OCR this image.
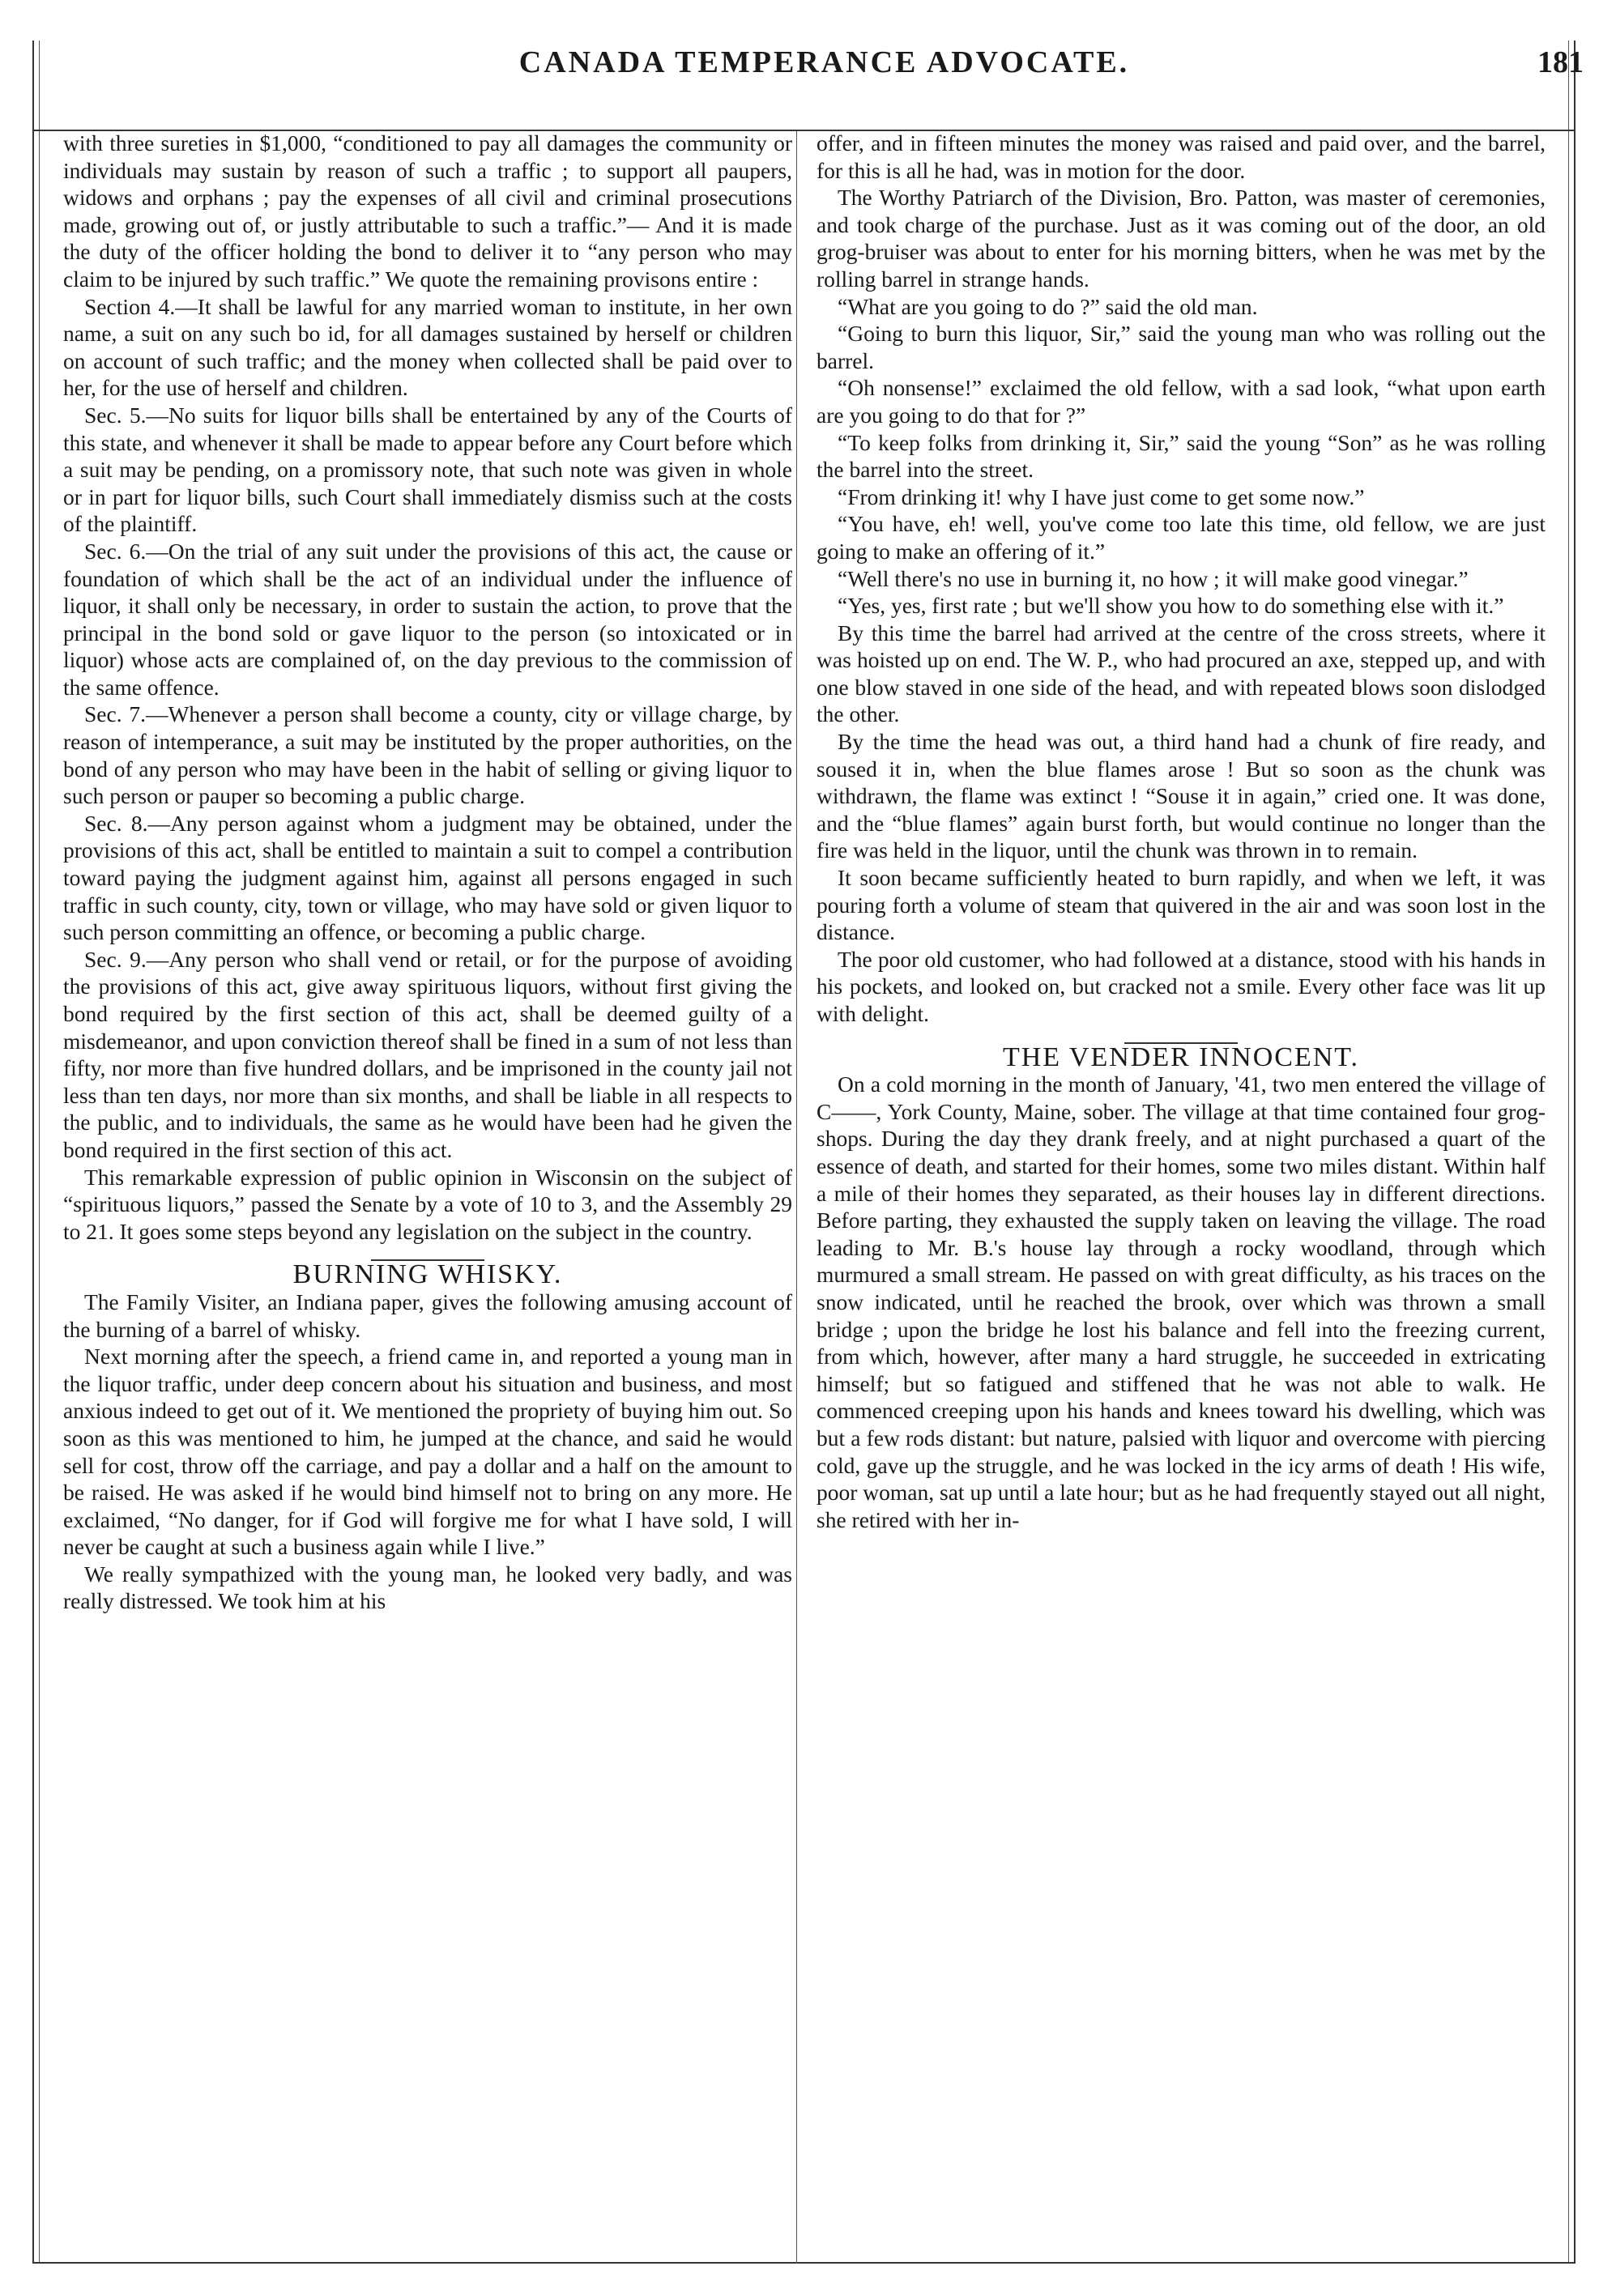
CANADA TEMPERANCE ADVOCATE.	181

with three sureties in $1,000, “conditioned to pay all damages the community or individuals may sustain by reason of such a traffic ; to support all paupers, widows and orphans ; pay the expenses of all civil and criminal prosecutions made, growing out of, or justly attributable to such a traffic.”— And it is made the duty of the officer holding the bond to deliver it to “any person who may claim to be injured by such traffic.” We quote the remaining provisons entire :

Section 4.—It shall be lawful for any married woman to institute, in her own name, a suit on any such bo id, for all damages sustained by herself or children on account of such traffic; and the money when collected shall be paid over to her, for the use of herself and children.

Sec. 5.—No suits for liquor bills shall be entertained by any of the Courts of this state, and whenever it shall be made to appear before any Court before which a suit may be pending, on a promissory note, that such note was given in whole or in part for liquor bills, such Court shall immediately dismiss such at the costs of the plaintiff.

Sec. 6.—On the trial of any suit under the provisions of this act, the cause or foundation of which shall be the act of an individual under the influence of liquor, it shall only be necessary, in order to sustain the action, to prove that the principal in the bond sold or gave liquor to the person (so intoxicated or in liquor) whose acts are complained of, on the day previous to the commission of the same offence.

Sec. 7.—Whenever a person shall become a county, city or village charge, by reason of intemperance, a suit may be instituted by the proper authorities, on the bond of any person who may have been in the habit of selling or giving liquor to such person or pauper so becoming a public charge.

Sec. 8.—Any person against whom a judgment may be obtained, under the provisions of this act, shall be entitled to maintain a suit to compel a contribution toward paying the judgment against him, against all persons engaged in such traffic in such county, city, town or village, who may have sold or given liquor to such person committing an offence, or becoming a public charge.

Sec. 9.—Any person who shall vend or retail, or for the purpose of avoiding the provisions of this act, give away spirituous liquors, without first giving the bond required by the first section of this act, shall be deemed guilty of a misdemeanor, and upon conviction thereof shall be fined in a sum of not less than fifty, nor more than five hundred dollars, and be imprisoned in the county jail not less than ten days, nor more than six months, and shall be liable in all respects to the public, and to individuals, the same as he would have been had he given the bond required in the first section of this act.

This remarkable expression of public opinion in Wisconsin on the subject of “spirituous liquors,” passed the Senate by a vote of 10 to 3, and the Assembly 29 to 21. It goes some steps beyond any legislation on the subject in the country.

BURNING WHISKY.

The Family Visiter, an Indiana paper, gives the following amusing account of the burning of a barrel of whisky.

Next morning after the speech, a friend came in, and reported a young man in the liquor traffic, under deep concern about his situation and business, and most anxious indeed to get out of it. We mentioned the propriety of buying him out. So soon as this was mentioned to him, he jumped at the chance, and said he would sell for cost, throw off the carriage, and pay a dollar and a half on the amount to be raised. He was asked if he would bind himself not to bring on any more. He exclaimed, “No danger, for if God will forgive me for what I have sold, I will never be caught at such a business again while I live.”

We really sympathized with the young man, he looked very badly, and was really distressed. We took him at his

offer, and in fifteen minutes the money was raised and paid over, and the barrel, for this is all he had, was in motion for the door.

The Worthy Patriarch of the Division, Bro. Patton, was master of ceremonies, and took charge of the purchase. Just as it was coming out of the door, an old grog-bruiser was about to enter for his morning bitters, when he was met by the rolling barrel in strange hands.

“What are you going to do ?” said the old man.

“Going to burn this liquor, Sir,” said the young man who was rolling out the barrel.

“Oh nonsense!” exclaimed the old fellow, with a sad look, “what upon earth are you going to do that for ?”

“To keep folks from drinking it, Sir,” said the young “Son” as he was rolling the barrel into the street.

“From drinking it! why I have just come to get some now.”

“You have, eh! well, you've come too late this time, old fellow, we are just going to make an offering of it.”

“Well there's no use in burning it, no how ; it will make good vinegar.”

“Yes, yes, first rate ; but we'll show you how to do something else with it.”

By this time the barrel had arrived at the centre of the cross streets, where it was hoisted up on end. The W. P., who had procured an axe, stepped up, and with one blow staved in one side of the head, and with repeated blows soon dislodged the other.

By the time the head was out, a third hand had a chunk of fire ready, and soused it in, when the blue flames arose ! But so soon as the chunk was withdrawn, the flame was extinct ! “Souse it in again,” cried one. It was done, and the “blue flames” again burst forth, but would continue no longer than the fire was held in the liquor, until the chunk was thrown in to remain.

It soon became sufficiently heated to burn rapidly, and when we left, it was pouring forth a volume of steam that quivered in the air and was soon lost in the distance.

The poor old customer, who had followed at a distance, stood with his hands in his pockets, and looked on, but cracked not a smile. Every other face was lit up with delight.

THE VENDER INNOCENT.

On a cold morning in the month of January, '41, two men entered the village of C——, York County, Maine, sober. The village at that time contained four grog-shops. During the day they drank freely, and at night purchased a quart of the essence of death, and started for their homes, some two miles distant. Within half a mile of their homes they separated, as their houses lay in different directions. Before parting, they exhausted the supply taken on leaving the village. The road leading to Mr. B.'s house lay through a rocky woodland, through which murmured a small stream. He passed on with great difficulty, as his traces on the snow indicated, until he reached the brook, over which was thrown a small bridge ; upon the bridge he lost his balance and fell into the freezing current, from which, however, after many a hard struggle, he succeeded in extricating himself; but so fatigued and stiffened that he was not able to walk. He commenced creeping upon his hands and knees toward his dwelling, which was but a few rods distant: but nature, palsied with liquor and overcome with piercing cold, gave up the struggle, and he was locked in the icy arms of death ! His wife, poor woman, sat up until a late hour; but as he had frequently stayed out all night, she retired with her in-
